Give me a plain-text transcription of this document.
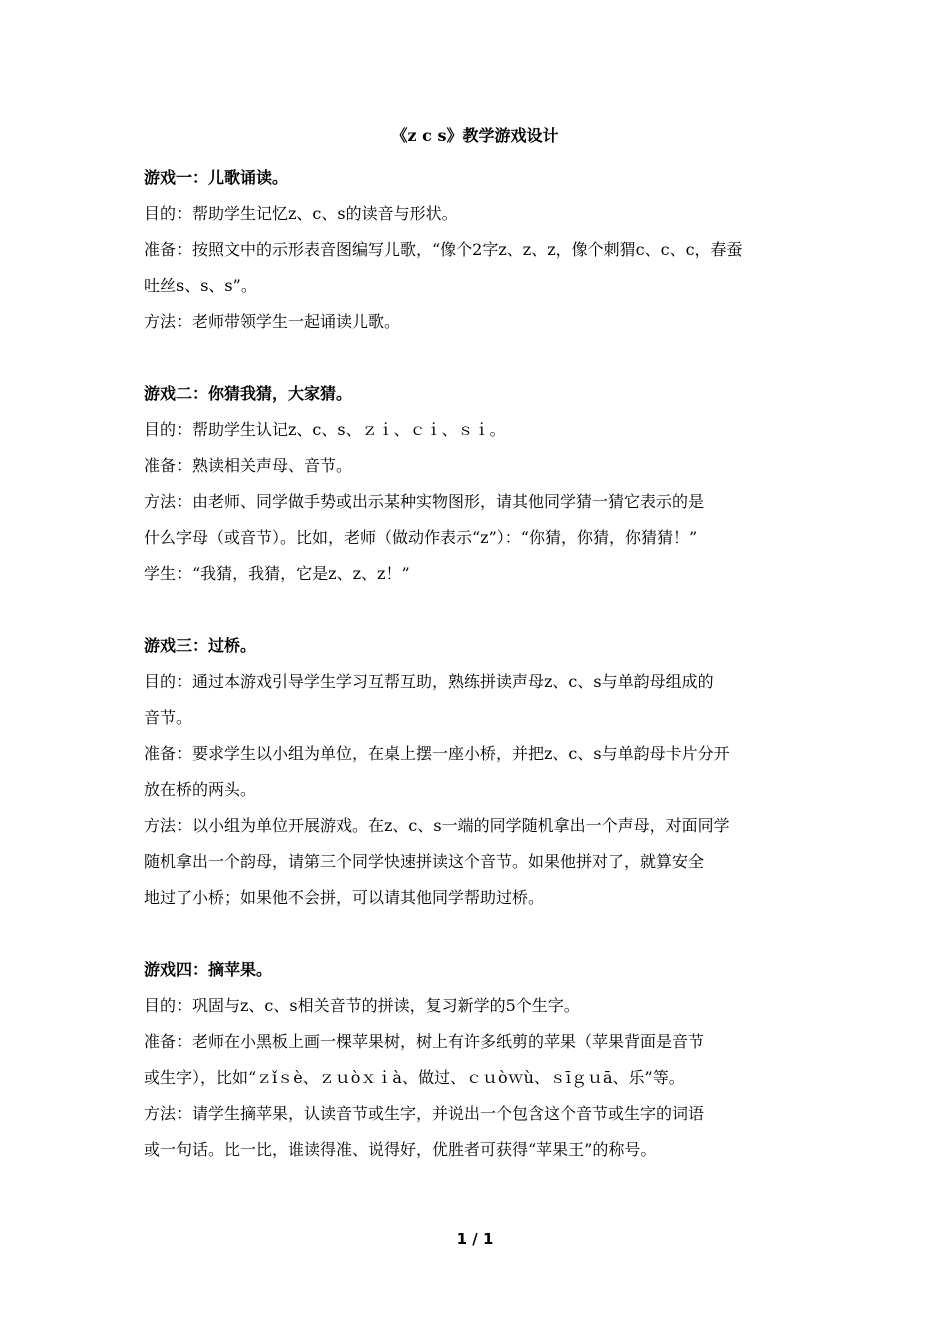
《z c s》教学游戏设计
游戏一：儿歌诵读。
目的：帮助学生记忆z、c、s的读音与形状。
准备：按照文中的示形表音图编写儿歌，“像个2字z、z、z，像个刺猬c、c、c，春蚕
吐丝s、s、s”。
方法：老师带领学生一起诵读儿歌。
游戏二：你猜我猜，大家猜。
目的：帮助学生认记z、c、s、ｚｉ、ｃｉ、ｓｉ。
准备：熟读相关声母、音节。
方法：由老师、同学做手势或出示某种实物图形，请其他同学猜一猜它表示的是
什么字母（或音节）。比如，老师（做动作表示“z”）：“你猜，你猜，你猜猜！”
学生：“我猜，我猜，它是z、z、z！”
游戏三：过桥。
目的：通过本游戏引导学生学习互帮互助，熟练拼读声母z、c、s与单韵母组成的
音节。
准备：要求学生以小组为单位，在桌上摆一座小桥，并把z、c、s与单韵母卡片分开
放在桥的两头。
方法：以小组为单位开展游戏。在z、c、s一端的同学随机拿出一个声母，对面同学
随机拿出一个韵母，请第三个同学快速拼读这个音节。如果他拼对了，就算安全
地过了小桥；如果他不会拼，可以请其他同学帮助过桥。
游戏四：摘苹果。
目的：巩固与z、c、s相关音节的拼读，复习新学的5个生字。
准备：老师在小黑板上画一棵苹果树，树上有许多纸剪的苹果（苹果背面是音节
或生字），比如“ｚǐｓè、ｚｕòｘｉà、做过、ｃｕòｗù、ｓīｇｕā、乐”等。
方法：请学生摘苹果，认读音节或生字，并说出一个包含这个音节或生字的词语
或一句话。比一比，谁读得准、说得好，优胜者可获得“苹果王”的称号。
1 / 1
